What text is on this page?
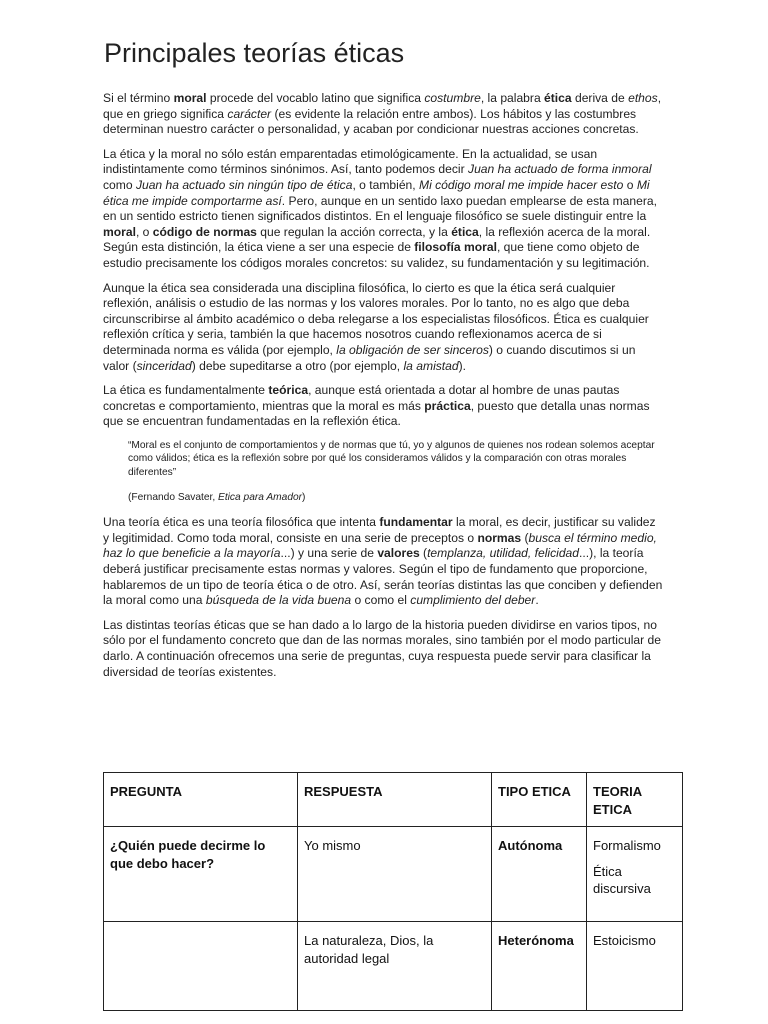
Principales teorías éticas

Si el término moral procede del vocablo latino que significa costumbre, la palabra ética deriva de ethos, que en griego significa carácter (es evidente la relación entre ambos). Los hábitos y las costumbres determinan nuestro carácter o personalidad, y acaban por condicionar nuestras acciones concretas.

La ética y la moral no sólo están emparentadas etimológicamente. En la actualidad, se usan indistintamente como términos sinónimos. Así, tanto podemos decir Juan ha actuado de forma inmoral como Juan ha actuado sin ningún tipo de ética, o también, Mi código moral me impide hacer esto o Mi ética me impide comportarme así. Pero, aunque en un sentido laxo puedan emplearse de esta manera, en un sentido estricto tienen significados distintos. En el lenguaje filosófico se suele distinguir entre la moral, o código de normas que regulan la acción correcta, y la ética, la reflexión acerca de la moral. Según esta distinción, la ética viene a ser una especie de filosofía moral, que tiene como objeto de estudio precisamente los códigos morales concretos: su validez, su fundamentación y su legitimación.

Aunque la ética sea considerada una disciplina filosófica, lo cierto es que la ética será cualquier reflexión, análisis o estudio de las normas y los valores morales. Por lo tanto, no es algo que deba circunscribirse al ámbito académico o deba relegarse a los especialistas filosóficos. Ética es cualquier reflexión crítica y seria, también la que hacemos nosotros cuando reflexionamos acerca de si determinada norma es válida (por ejemplo, la obligación de ser sinceros) o cuando discutimos si un valor (sinceridad) debe supeditarse a otro (por ejemplo, la amistad).

La ética es fundamentalmente teórica, aunque está orientada a dotar al hombre de unas pautas concretas e comportamiento, mientras que la moral es más práctica, puesto que detalla unas normas que se encuentran fundamentadas en la reflexión ética.

“Moral es el conjunto de comportamientos y de normas que tú, yo y algunos de quienes nos rodean solemos aceptar como válidos; ética es la reflexión sobre por qué los consideramos válidos y la comparación con otras morales diferentes”

(Fernando Savater, Etica para Amador)

Una teoría ética es una teoría filosófica que intenta fundamentar la moral, es decir, justificar su validez y legitimidad. Como toda moral, consiste en una serie de preceptos o normas (busca el término medio, haz lo que beneficie a la mayoría...) y una serie de valores (templanza, utilidad, felicidad...), la teoría deberá justificar precisamente estas normas y valores. Según el tipo de fundamento que proporcione, hablaremos de un tipo de teoría ética o de otro. Así, serán teorías distintas las que conciben y defienden la moral como una búsqueda de la vida buena o como el cumplimiento del deber.

Las distintas teorías éticas que se han dado a lo largo de la historia pueden dividirse en varios tipos, no sólo por el fundamento concreto que dan de las normas morales, sino también por el modo particular de darlo. A continuación ofrecemos una serie de preguntas, cuya respuesta puede servir para clasificar la diversidad de teorías existentes.

PREGUNTA	RESPUESTA	TIPO ETICA	TEORIA ETICA
¿Quién puede decirme lo que debo hacer?	Yo mismo	Autónoma	Formalismo
Ética discursiva

	La naturaleza, Dios, la autoridad legal	Heterónoma	Estoicismo
